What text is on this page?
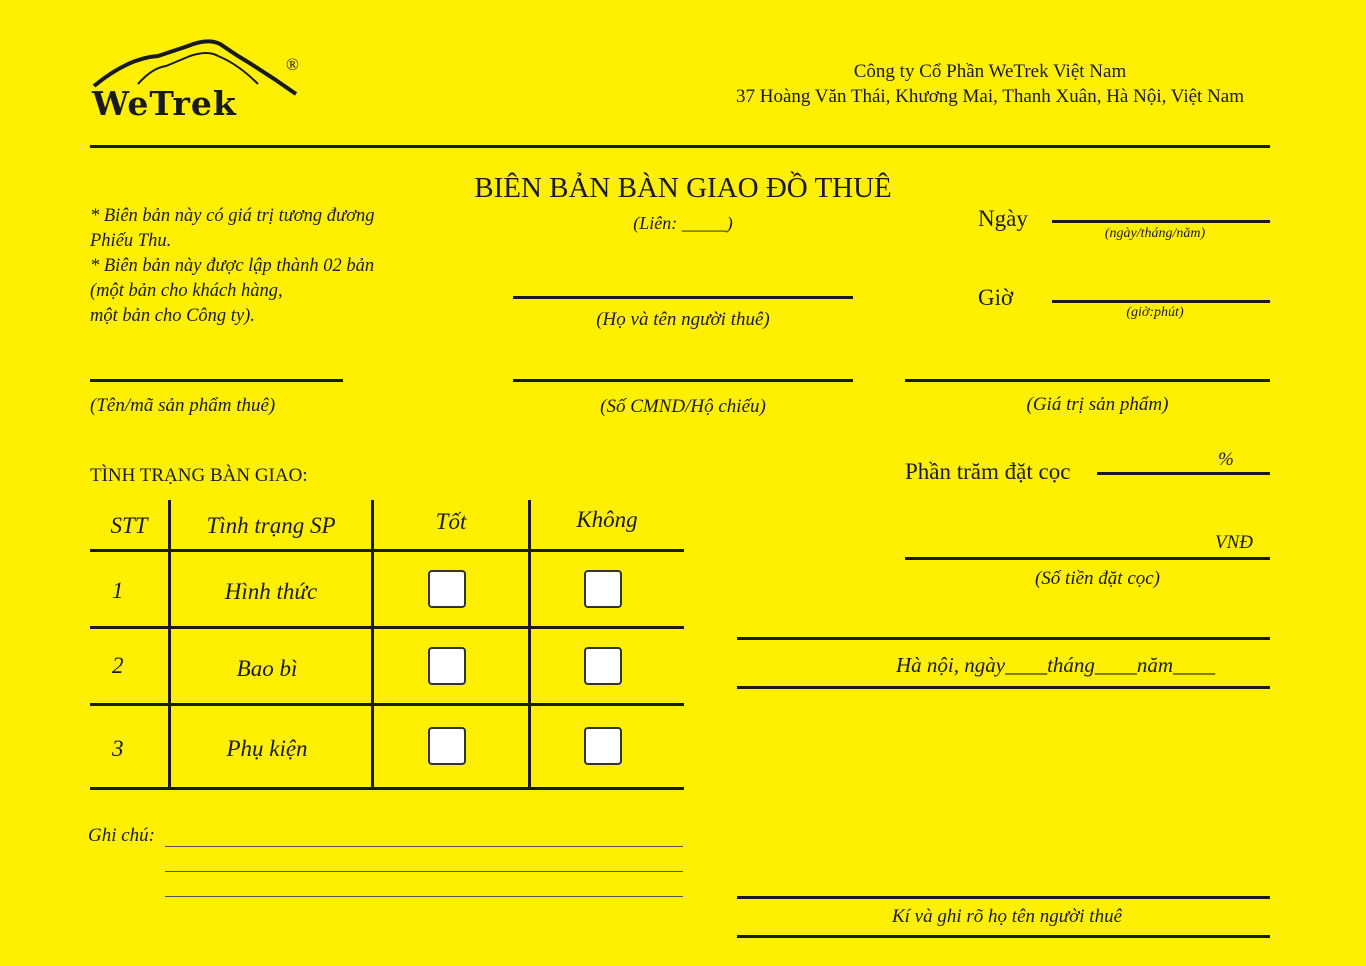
WeTrek
®	Công ty Cổ Phần WeTrek Việt Nam
37 Hoàng Văn Thái, Khương Mai, Thanh Xuân, Hà Nội, Việt Nam
BIÊN BẢN BÀN GIAO ĐỒ THUÊ
(Liên: _____)
* Biên bản này có giá trị tương đương
Phiếu Thu.
* Biên bản này được lập thành 02 bản
(một bản cho khách hàng,
một bản cho Công ty).
Ngày
(ngày/tháng/năm)
Giờ
(giờ:phút)
(Họ và tên người thuê)
(Tên/mã sản phẩm thuê)	(Số CMND/Hộ chiếu)	(Giá trị sản phẩm)
TÌNH TRẠNG BÀN GIAO:
STT	Tình trạng SP	Tốt	Không
1	Hình thức
2	Bao bì
3	Phụ kiện
Phần trăm đặt cọc	%
VNĐ
(Số tiền đặt cọc)
Hà nội, ngày____tháng____năm____
Ghi chú:
Kí và ghi rõ họ tên người thuê
